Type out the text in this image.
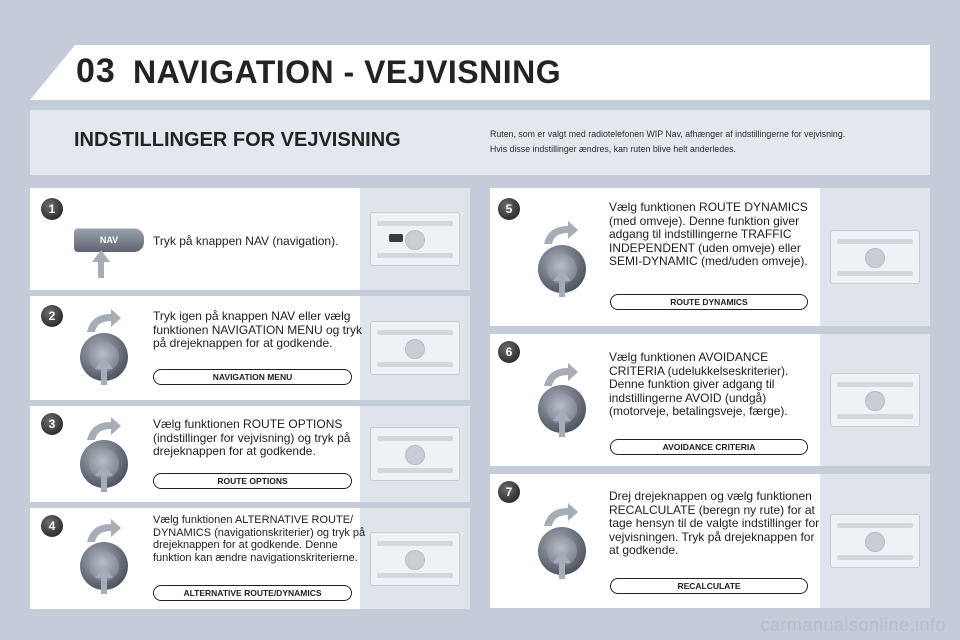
03 NAVIGATION - VEJVISNING
INDSTILLINGER FOR VEJVISNING	Ruten, som er valgt med radiotelefonen WIP Nav, afhænger af indstillingerne for vejvisning.
Hvis disse indstillinger ændres, kan ruten blive helt anderledes.
1
NAV	Tryk på knappen NAV (navigation).
2	Tryk igen på knappen NAV eller vælg funktionen NAVIGATION MENU og tryk på drejeknappen for at godkende.
NAVIGATION MENU
3	Vælg funktionen ROUTE OPTIONS (indstillinger for vejvisning) og tryk på drejeknappen for at godkende.
ROUTE OPTIONS
4	Vælg funktionen ALTERNATIVE ROUTE/ DYNAMICS (navigationskriterier) og tryk på drejeknappen for at godkende. Denne funktion kan ændre navigationskriterierne.
ALTERNATIVE ROUTE/DYNAMICS
5	Vælg funktionen ROUTE DYNAMICS (med omveje). Denne funktion giver adgang til indstillingerne TRAFFIC INDEPENDENT (uden omveje) eller SEMI-DYNAMIC (med/uden omveje).
ROUTE DYNAMICS
6	Vælg funktionen AVOIDANCE CRITERIA (udelukkelseskriterier). Denne funktion giver adgang til indstillingerne AVOID (undgå) (motorveje, betalingsveje, færge).
AVOIDANCE CRITERIA
7	Drej drejeknappen og vælg funktionen RECALCULATE (beregn ny rute) for at tage hensyn til de valgte indstillinger for vejvisningen. Tryk på drejeknappen for at godkende.
RECALCULATE
carmanualsonline.info
